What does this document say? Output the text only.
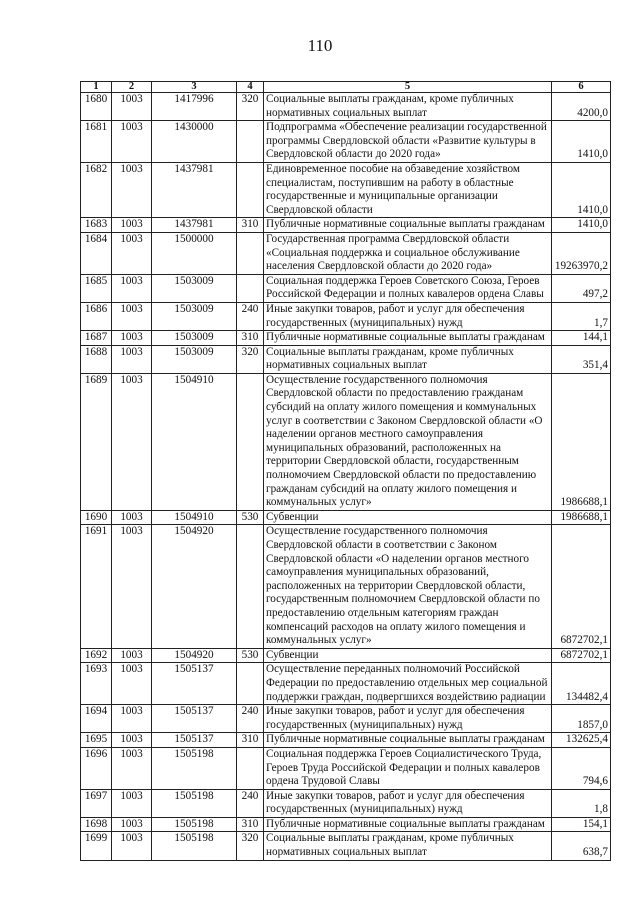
110
1	2	3	4	5	6
1680	1003	1417996	320	Социальные выплаты гражданам, кроме публичных нормативных социальных выплат	4200,0
1681	1003	1430000		Подпрограмма «Обеспечение реализации государственной программы Свердловской области «Развитие культуры в Свердловской области до 2020 года»	1410,0
1682	1003	1437981		Единовременное пособие на обзаведение хозяйством специалистам, поступившим на работу в областные государственные и муниципальные организации Свердловской области	1410,0
1683	1003	1437981	310	Публичные нормативные социальные выплаты гражданам	1410,0
1684	1003	1500000		Государственная программа Свердловской области «Социальная поддержка и социальное обслуживание населения Свердловской области до 2020 года»	19263970,2
1685	1003	1503009		Социальная поддержка Героев Советского Союза, Героев Российской Федерации и полных кавалеров ордена Славы	497,2
1686	1003	1503009	240	Иные закупки товаров, работ и услуг для обеспечения государственных (муниципальных) нужд	1,7
1687	1003	1503009	310	Публичные нормативные социальные выплаты гражданам	144,1
1688	1003	1503009	320	Социальные выплаты гражданам, кроме публичных нормативных социальных выплат	351,4
1689	1003	1504910		Осуществление государственного полномочия Свердловской области по предоставлению гражданам субсидий на оплату жилого помещения и коммунальных услуг в соответствии с Законом Свердловской области «О наделении органов местного самоуправления муниципальных образований, расположенных на территории Свердловской области, государственным полномочием Свердловской области по предоставлению гражданам субсидий на оплату жилого помещения и коммунальных услуг»	1986688,1
1690	1003	1504910	530	Субвенции	1986688,1
1691	1003	1504920		Осуществление государственного полномочия Свердловской области в соответствии с Законом Свердловской области «О наделении органов местного самоуправления муниципальных образований, расположенных на территории Свердловской области, государственным полномочием Свердловской области по предоставлению отдельным категориям граждан компенсаций расходов на оплату жилого помещения и коммунальных услуг»	6872702,1
1692	1003	1504920	530	Субвенции	6872702,1
1693	1003	1505137		Осуществление переданных полномочий Российской Федерации по предоставлению отдельных мер социальной поддержки граждан, подвергшихся воздействию радиации	134482,4
1694	1003	1505137	240	Иные закупки товаров, работ и услуг для обеспечения государственных (муниципальных) нужд	1857,0
1695	1003	1505137	310	Публичные нормативные социальные выплаты гражданам	132625,4
1696	1003	1505198		Социальная поддержка Героев Социалистического Труда, Героев Труда Российской Федерации и полных кавалеров ордена Трудовой Славы	794,6
1697	1003	1505198	240	Иные закупки товаров, работ и услуг для обеспечения государственных (муниципальных) нужд	1,8
1698	1003	1505198	310	Публичные нормативные социальные выплаты гражданам	154,1
1699	1003	1505198	320	Социальные выплаты гражданам, кроме публичных нормативных социальных выплат	638,7
